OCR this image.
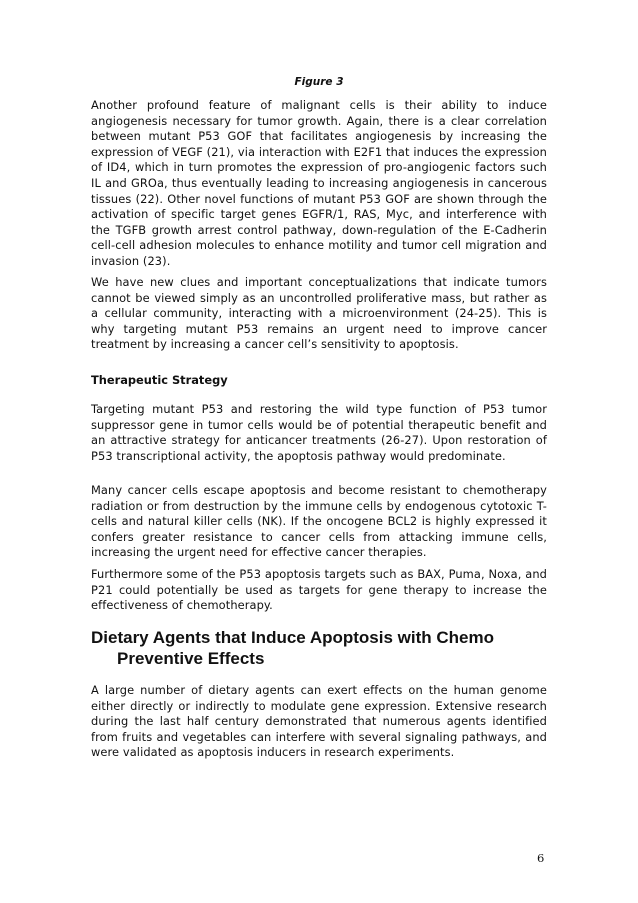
Figure 3

Another profound feature of malignant cells is their ability to induce angiogenesis necessary for tumor growth. Again, there is a clear correlation between mutant P53 GOF that facilitates angiogenesis by increasing the expression of VEGF (21), via interaction with E2F1 that induces the expression of ID4, which in turn promotes the expression of pro-angiogenic factors such IL and GROa, thus eventually leading to increasing angiogenesis in cancerous tissues (22). Other novel functions of mutant P53 GOF are shown through the activation of specific target genes EGFR/1, RAS, Myc, and interference with the TGFB growth arrest control pathway, down-regulation of the E-Cadherin cell-cell adhesion molecules to enhance motility and tumor cell migration and invasion (23).

We have new clues and important conceptualizations that indicate tumors cannot be viewed simply as an uncontrolled proliferative mass, but rather as a cellular community, interacting with a microenvironment (24-25). This is why targeting mutant P53 remains an urgent need to improve cancer treatment by increasing a cancer cell’s sensitivity to apoptosis.

Therapeutic Strategy

Targeting mutant P53 and restoring the wild type function of P53 tumor suppressor gene in tumor cells would be of potential therapeutic benefit and an attractive strategy for anticancer treatments (26-27). Upon restoration of P53 transcriptional activity, the apoptosis pathway would predominate.

Many cancer cells escape apoptosis and become resistant to chemotherapy radiation or from destruction by the immune cells by endogenous cytotoxic T-cells and natural killer cells (NK). If the oncogene BCL2 is highly expressed it confers greater resistance to cancer cells from attacking immune cells, increasing the urgent need for effective cancer therapies.

Furthermore some of the P53 apoptosis targets such as BAX, Puma, Noxa, and P21 could potentially be used as targets for gene therapy to increase the effectiveness of chemotherapy.

Dietary Agents that Induce Apoptosis with Chemo
Preventive Effects

A large number of dietary agents can exert effects on the human genome either directly or indirectly to modulate gene expression. Extensive research during the last half century demonstrated that numerous agents identified from fruits and vegetables can interfere with several signaling pathways, and were validated as apoptosis inducers in research experiments.

6
